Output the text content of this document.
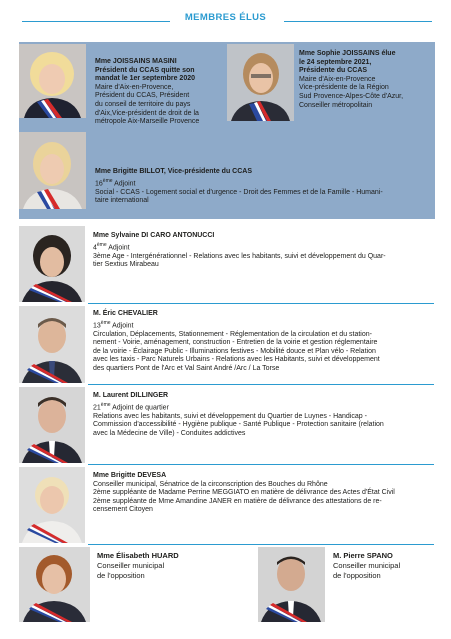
MEMBRES ÉLUS
Mme JOISSAINS MASINI
Président du CCAS quitte son
mandat le 1er septembre 2020
Maire d'Aix-en-Provence,
Président du CCAS, Président
du conseil de territoire du pays
d'Aix,Vice-président de droit de la
métropole Aix-Marseille Provence
Mme Sophie JOISSAINS élue
le 24 septembre 2021,
Présidente du CCAS
Maire d'Aix-en-Provence
Vice-présidente de la Région
Sud Provence-Alpes-Côte d'Azur,
Conseiller métropolitain
Mme Brigitte BILLOT, Vice-présidente du CCAS
16ème Adjoint
Social - CCAS - Logement social et d'urgence - Droit des Femmes et de la Famille - Humani-
taire international
Mme Sylvaine DI CARO ANTONUCCI
4ème Adjoint
3ème Age - Intergénérationnel - Relations avec les habitants, suivi et développement du Quar-
tier Sextius Mirabeau
M. Éric CHEVALIER
13ème Adjoint
Circulation, Déplacements, Stationnement - Réglementation de la circulation et du station-
nement - Voirie, aménagement, construction - Entretien de la voirie et gestion réglementaire
de la voirie - Éclairage Public - Illuminations festives - Mobilité douce et Plan vélo - Relation
avec les taxis - Parc Naturels Urbains - Relations avec les Habitants, suivi et développement
des quartiers Pont de l'Arc et Val Saint André /Arc / La Torse
M. Laurent DILLINGER
21ème Adjoint de quartier
Relations avec les habitants, suivi et développement du Quartier de Luynes - Handicap -
Commission d'accessibilité - Hygiène publique - Santé Publique - Protection sanitaire (relation
avec la Médecine de Ville) - Conduites addictives
Mme Brigitte DEVESA
Conseiller municipal, Sénatrice de la circonscription des Bouches du Rhône
2ème suppléante de Madame Perrine MEGGIATO en matière de délivrance des Actes d'État Civil
2ème suppléante de Mme Amandine JANER en matière de délivrance des attestations de re-
censement Citoyen
Mme Élisabeth HUARD
Conseiller municipal
de l'opposition
M. Pierre SPANO
Conseiller municipal
de l'opposition
